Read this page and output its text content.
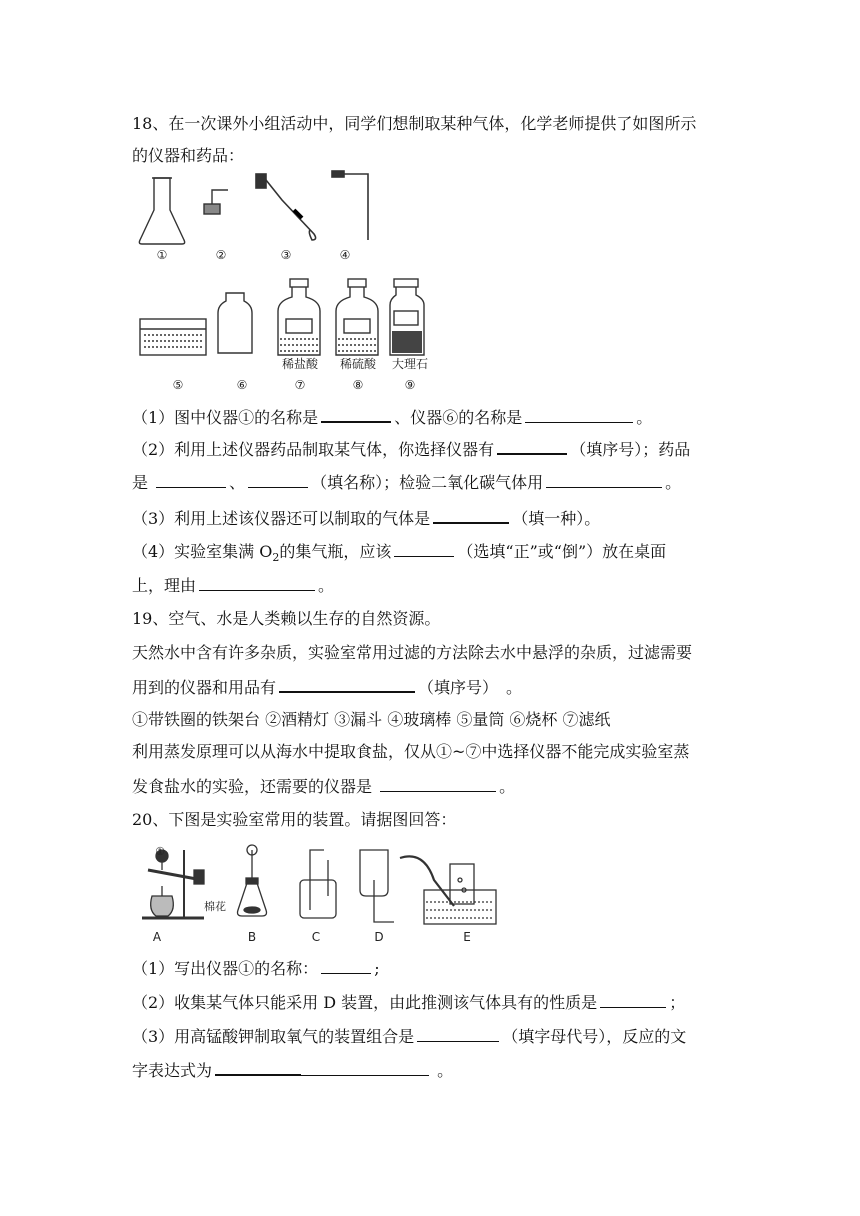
18、在一次课外小组活动中，同学们想制取某种气体，化学老师提供了如图所示
的仪器和药品：
①	②	③	④
稀盐酸	稀硫酸	大理石
⑤	⑥	⑦	⑧	⑨
（1）图中仪器①的名称是	、仪器⑥的名称是	。
（2）利用上述仪器药品制取某气体，你选择仪器有	（填序号）；药品
是	、	（填名称）；检验二氧化碳气体用	。
（3）利用上述该仪器还可以制取的气体是	（填一种）。
（4）实验室集满 $O_2$的集气瓶，应该	（选填“正”或“倒”）放在桌面
上，理由	。
19、空气、水是人类赖以生存的自然资源。
天然水中含有许多杂质，实验室常用过滤的方法除去水中悬浮的杂质，过滤需要
用到的仪器和用品有	（填序号）　。
①带铁圈的铁架台 ②酒精灯 ③漏斗 ④玻璃棒 ⑤量筒 ⑥烧杯 ⑦滤纸
利用蒸发原理可以从海水中提取食盐，仅从①~⑦中选择仪器不能完成实验室蒸
发食盐水的实验，还需要的仪器是	。
20、下图是实验室常用的装置。请据图回答：
①
棉花
A	B	C	D	E
（1）写出仪器①的名称：	;
（2）收集某气体只能采用 D 装置，由此推测该气体具有的性质是	；
（3）用高锰酸钾制取氧气的装置组合是	（填字母代号），反应的文
字表达式为	。
